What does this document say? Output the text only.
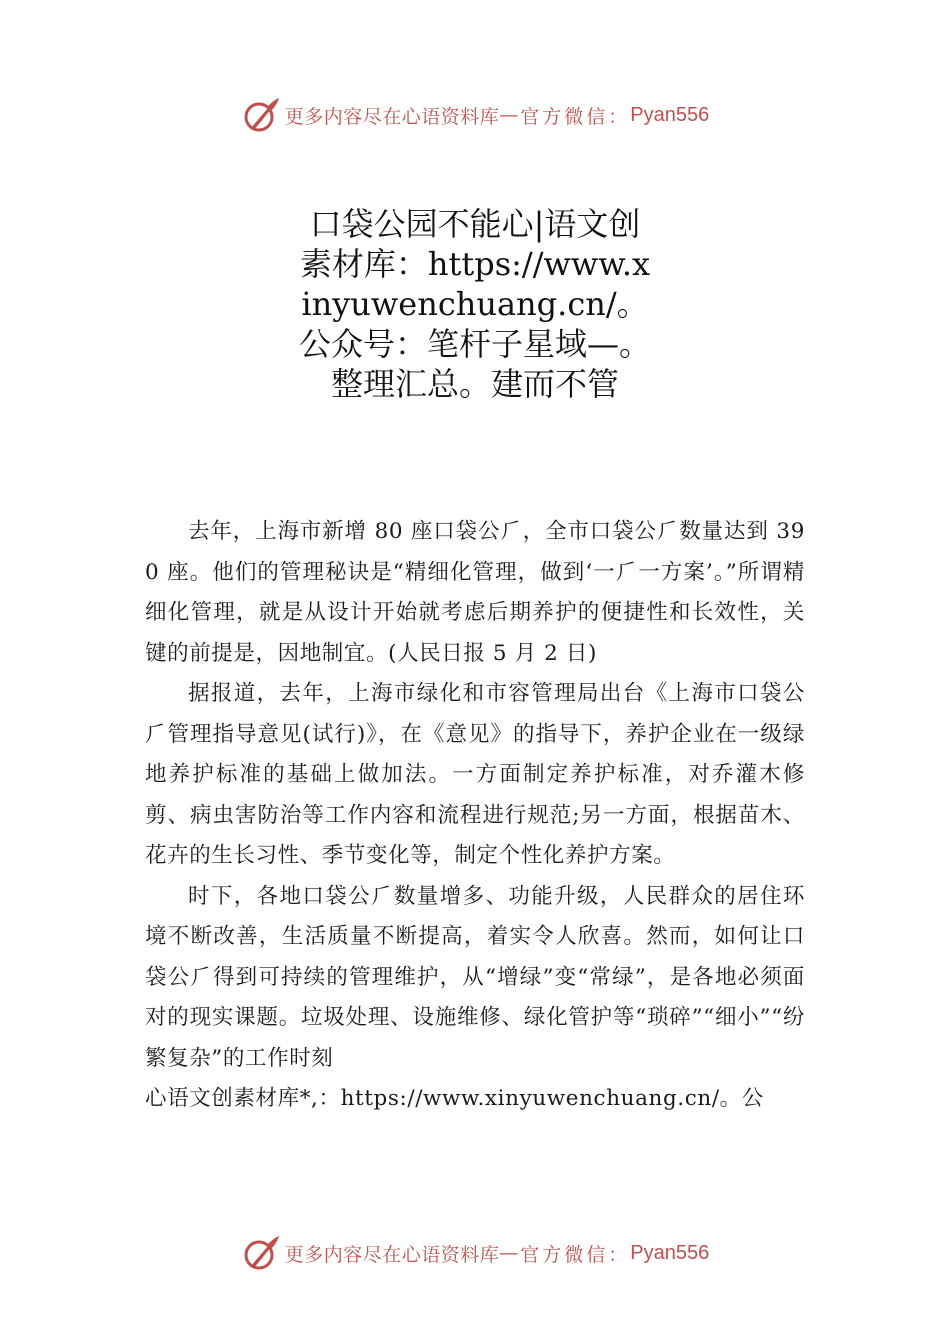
更多内容尽在心语资料库 — 官方微信： Pyan556
口袋公园不能心|语文创素材库：https://www.xinyuwenchuang.cn/。公众号：笔杆子星域—。整理汇总。建而不管

去年，上海市新增 80 座口袋公⺁，全市口袋公⺁数量达到 390 座。他们的管理秘诀是“精细化管理，做到‘一⺁一方案’。”所谓精细化管理，就是从设计开始就考虑后期养护的便捷性和长效性，关键的前提是，因地制宜。(人民日报 5 月 2 日)

据报道，去年，上海市绿化和市容管理局出台《上海市口袋公⺁管理指导意见(试行)》，在《意见》的指导下，养护企业在一级绿地养护标准的基础上做加法。一方面制定养护标准，对乔灌木修剪、病虫害防治等工作内容和流程进行规范;另一方面，根据苗木、花卉的生长习性、季节变化等，制定个性化养护方案。

时下，各地口袋公⺁数量增多、功能升级，人民群众的居住环境不断改善，生活质量不断提高，着实令人欣喜。然而，如何让口袋公⺁得到可持续的管理维护，从“增绿”变“常绿”，是各地必须面对的现实课题。垃圾处理、设施维修、绿化管护等“琐碎”“细小”“纷繁复杂”的工作时刻

心语文创素材库*,：https://www.xinyuwenchuang.cn/。公

更多内容尽在心语资料库 — 官方微信： Pyan556
